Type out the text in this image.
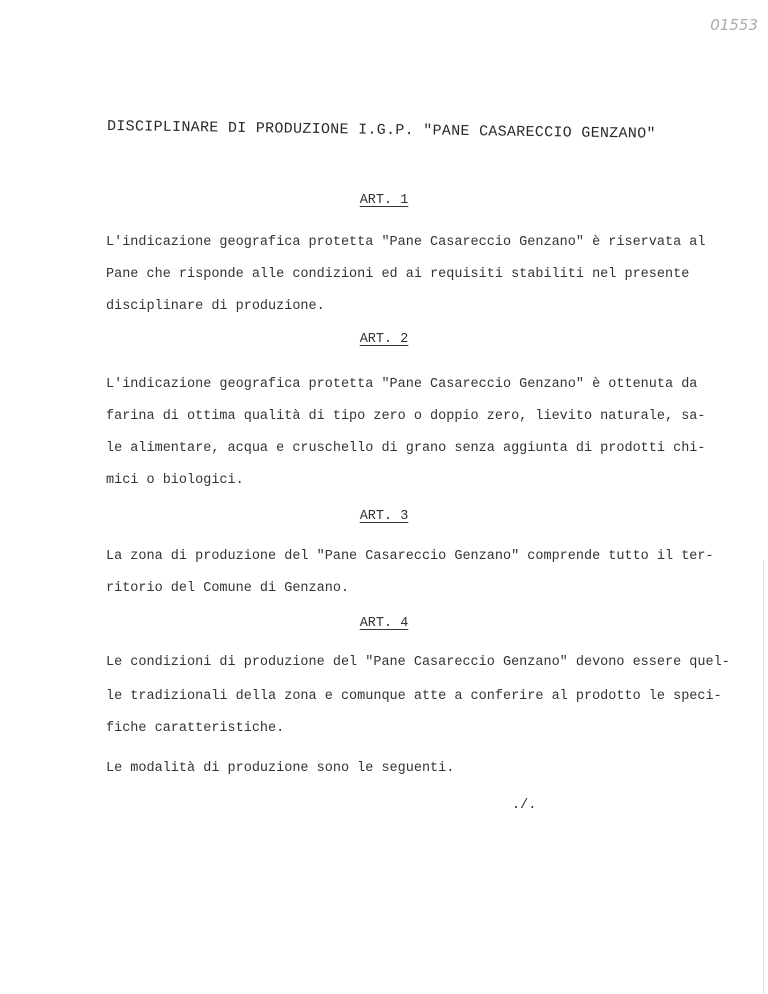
01553
DISCIPLINARE DI PRODUZIONE I.G.P. "PANE CASARECCIO GENZANO"
ART. 1
L'indicazione geografica protetta "Pane Casareccio Genzano" è riservata al
Pane che risponde alle condizioni ed ai requisiti stabiliti nel presente
disciplinare di produzione.
ART. 2
L'indicazione geografica protetta "Pane Casareccio Genzano" è ottenuta da
farina di ottima qualità di tipo zero o doppio zero, lievito naturale, sa-
le alimentare, acqua e cruschello di grano senza aggiunta di prodotti chi-
mici o biologici.
ART. 3
La zona di produzione del "Pane Casareccio Genzano" comprende tutto il ter-
ritorio del Comune di Genzano.
ART. 4
Le condizioni di produzione del "Pane Casareccio Genzano" devono essere quel-
le tradizionali della zona e comunque atte a conferire al prodotto le speci-
fiche caratteristiche.
Le modalità di produzione sono le seguenti.
./.
